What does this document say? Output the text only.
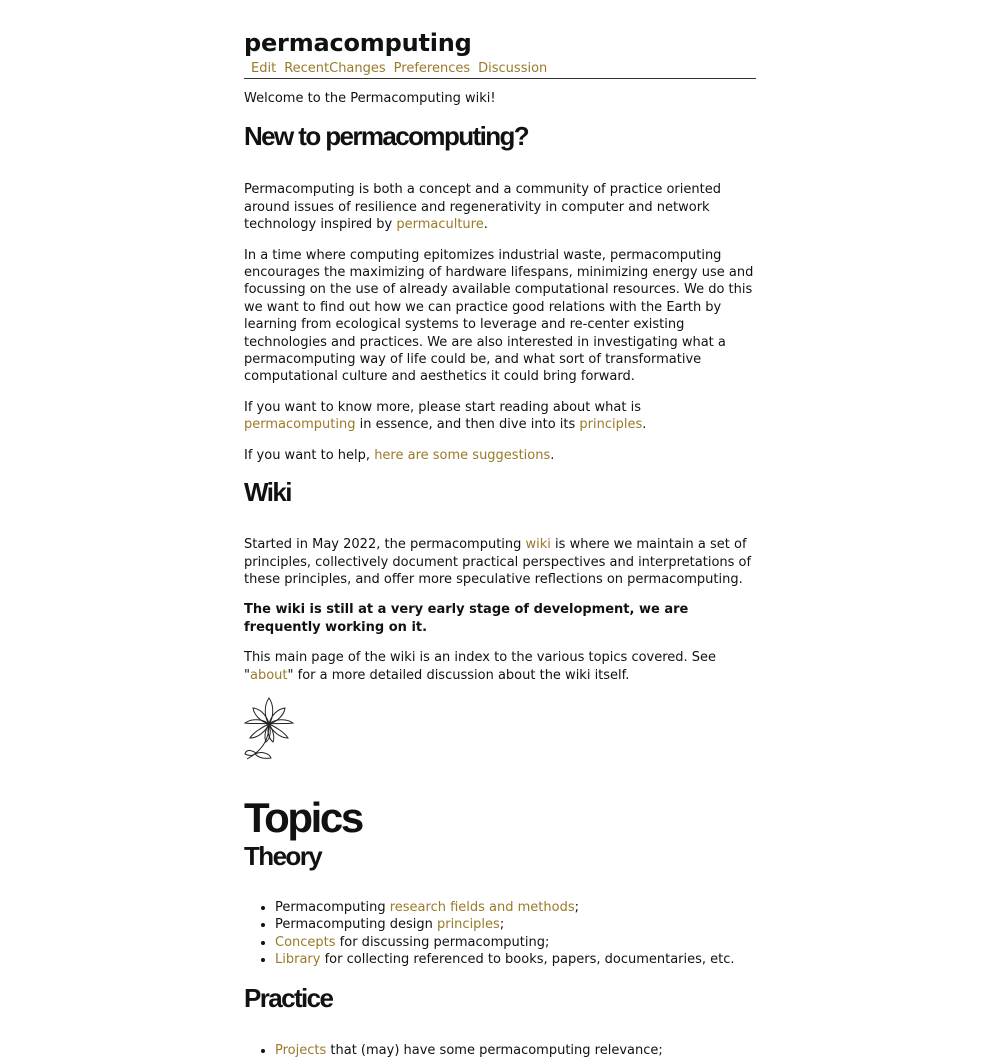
permacomputing
Edit RecentChanges Preferences Discussion

Welcome to the Permacomputing wiki!

New to permacomputing?

Permacomputing is both a concept and a community of practice oriented around issues of resilience and regenerativity in computer and network technology inspired by permaculture.

In a time where computing epitomizes industrial waste, permacomputing encourages the maximizing of hardware lifespans, minimizing energy use and focussing on the use of already available computational resources. We do this we want to find out how we can practice good relations with the Earth by learning from ecological systems to leverage and re-center existing technologies and practices. We are also interested in investigating what a permacomputing way of life could be, and what sort of transformative computational culture and aesthetics it could bring forward.

If you want to know more, please start reading about what is permacomputing in essence, and then dive into its principles.

If you want to help, here are some suggestions.

Wiki

Started in May 2022, the permacomputing wiki is where we maintain a set of principles, collectively document practical perspectives and interpretations of these principles, and offer more speculative reflections on permacomputing.

The wiki is still at a very early stage of development, we are frequently working on it.

This main page of the wiki is an index to the various topics covered. See "about" for a more detailed discussion about the wiki itself.

Topics
Theory
• Permacomputing research fields and methods;
• Permacomputing design principles;
• Concepts for discussing permacomputing;
• Library for collecting referenced to books, papers, documentaries, etc.
Practice
• Projects that (may) have some permacomputing relevance;
